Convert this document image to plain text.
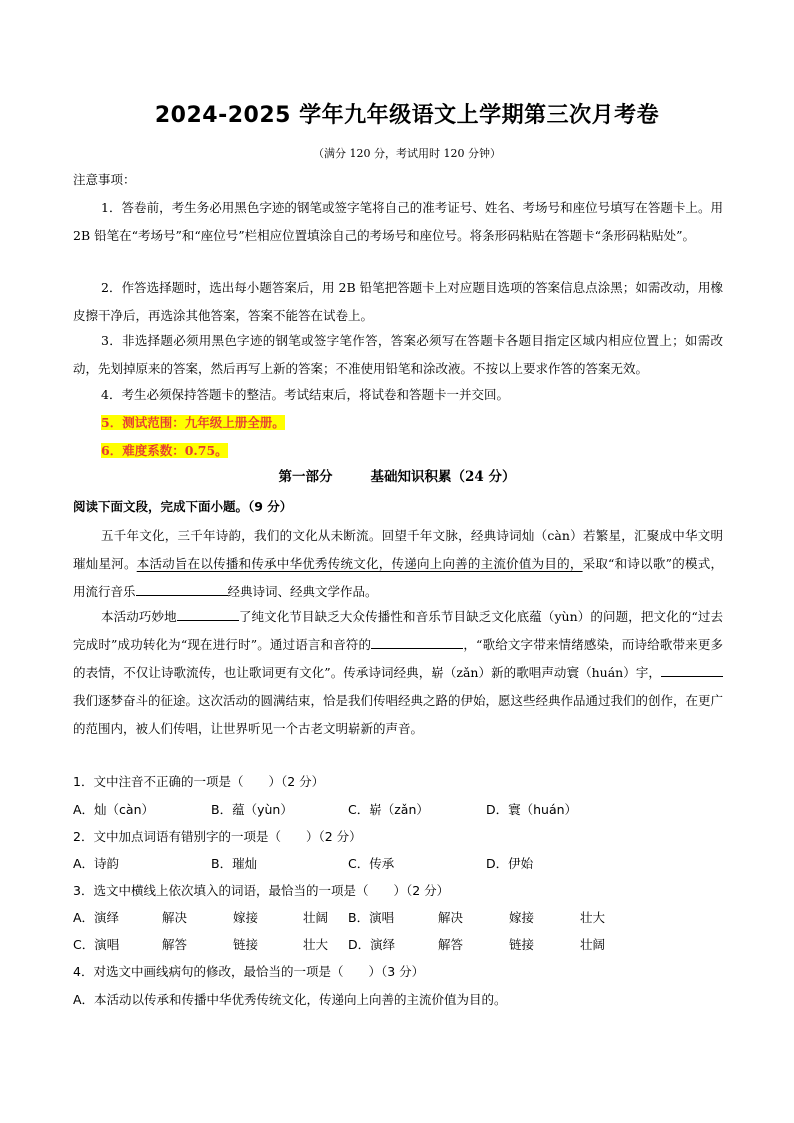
2024-2025 学年九年级语文上学期第三次月考卷
（满分 120 分，考试用时 120 分钟）
注意事项：
1．答卷前，考生务必用黑色字迹的钢笔或签字笔将自己的准考证号、姓名、考场号和座位号填写在答题卡上。用 2B 铅笔在“考场号”和“座位号”栏相应位置填涂自己的考场号和座位号。将条形码粘贴在答题卡“条形码粘贴处”。
2．作答选择题时，选出每小题答案后，用 2B 铅笔把答题卡上对应题目选项的答案信息点涂黑；如需改动，用橡皮擦干净后，再选涂其他答案，答案不能答在试卷上。
3．非选择题必须用黑色字迹的钢笔或签字笔作答，答案必须写在答题卡各题目指定区域内相应位置上；如需改动，先划掉原来的答案，然后再写上新的答案；不准使用铅笔和涂改液。不按以上要求作答的答案无效。
4．考生必须保持答题卡的整洁。考试结束后，将试卷和答题卡一并交回。
5．测试范围：九年级上册全册。
6．难度系数：0.75。
第一部分	基础知识积累（24 分）
阅读下面文段，完成下面小题。（9 分）
五千年文化，三千年诗韵，我们的文化从未断流。回望千年文脉，经典诗词灿（càn）若繁星，汇聚成中华文明璀灿星河。本活动旨在以传播和传承中华优秀传统文化，传递向上向善的主流价值为目的，采取“和诗以歌”的模式，用流行音乐	经典诗词、经典文学作品。
本活动巧妙地	了纯文化节目缺乏大众传播性和音乐节目缺乏文化底蕴（yùn）的问题，把文化的“过去完成时”成功转化为“现在进行时”。通过语言和音符的	，“歌给文字带来情绪感染，而诗给歌带来更多的表情，不仅让诗歌流传，也让歌词更有文化”。传承诗词经典，崭（zǎn）新的歌唱声动寰（huán）宇，我们逐梦奋斗的征途。这次活动的圆满结束，恰是我们传唱经典之路的伊始，愿这些经典作品通过我们的创作，在更广的范围内，被人们传唱，让世界听见一个古老文明崭新的声音。
1．文中注音不正确的一项是（　　）（2 分）
A．灿（càn）	B．蕴（yùn）	C．崭（zǎn）	D．寰（huán）
2．文中加点词语有错别字的一项是（　　）（2 分）
A．诗韵	B．璀灿	C．传承	D．伊始
3．选文中横线上依次填入的词语，最恰当的一项是（　　）（2 分）
A．演绎	解决	嫁接	壮阔 B．演唱	解决	嫁接	壮大
C．演唱	解答	链接	壮大 D．演绎	解答	链接	壮阔
4．对选文中画线病句的修改，最恰当的一项是（　　）（3 分）
A．本活动以传承和传播中华优秀传统文化，传递向上向善的主流价值为目的。
